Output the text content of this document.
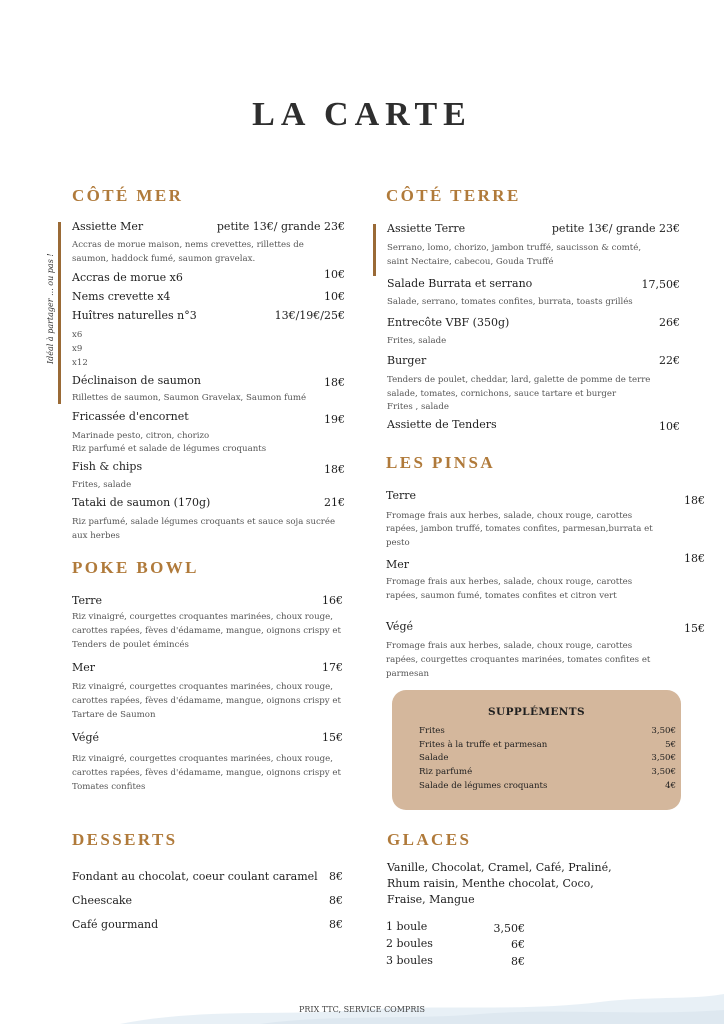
LA CARTE
CÔTÉ MER
Idéal à partager ... ou pas !
Assiette Mer	petite 13€/ grande 23€
Accras de morue maison, nems crevettes, rillettes de
saumon, haddock fumé, saumon gravelax.
Accras de morue x6	10€
Nems crevette x4	10€
Huîtres naturelles n°3	13€/19€/25€
x6
x9
x12
Déclinaison de saumon	18€
Rillettes de saumon, Saumon Gravelax, Saumon fumé
Fricassée d'encornet	19€
Marinade pesto, citron, chorizo
Riz parfumé et salade de légumes croquants
Fish & chips	18€
Frites, salade
Tataki de saumon (170g)	21€
Riz parfumé, salade légumes croquants et sauce soja sucrée
aux herbes
POKE BOWL
Terre	16€
Riz vinaigré, courgettes croquantes marinées, choux rouge,
carottes rapées, fèves d'édamame, mangue, oignons crispy et
Tenders de poulet émincés
Mer	17€
Riz vinaigré, courgettes croquantes marinées, choux rouge,
carottes rapées, fèves d'édamame, mangue, oignons crispy et
Tartare de Saumon
Végé	15€
Riz vinaigré, courgettes croquantes marinées, choux rouge,
carottes rapées, fèves d'édamame, mangue, oignons crispy et
Tomates confites
DESSERTS
Fondant au chocolat, coeur coulant caramel	8€
Cheescake	8€
Café gourmand	8€
CÔTÉ TERRE
Assiette Terre	petite 13€/ grande 23€
Serrano, lomo, chorizo, jambon truffé, saucisson & comté,
saint Nectaire, cabecou, Gouda Truffé
Salade Burrata et serrano	17,50€
Salade, serrano, tomates confites, burrata, toasts grillés
Entrecôte VBF (350g)	26€
Frites, salade
Burger	22€
Tenders de poulet, cheddar, lard, galette de pomme de terre
salade, tomates, cornichons, sauce tartare et burger
Frites , salade
Assiette de Tenders	10€
LES PINSA
Terre	18€
Fromage frais aux herbes, salade, choux rouge, carottes
rapées, jambon truffé, tomates confites, parmesan,burrata et
pesto
Mer	18€
Fromage frais aux herbes, salade, choux rouge, carottes
rapées, saumon fumé, tomates confites et citron vert
Végé	15€
Fromage frais aux herbes, salade, choux rouge, carottes
rapées, courgettes croquantes marinées, tomates confites et
parmesan
SUPPLÉMENTS
Frites	3,50€
Frites à la truffe et parmesan	5€
Salade	3,50€
Riz parfumé	3,50€
Salade de légumes croquants	4€
GLACES
Vanille, Chocolat, Cramel, Café, Praliné,
Rhum raisin, Menthe chocolat, Coco,
Fraise, Mangue
1 boule	3,50€
2 boules	6€
3 boules	8€
PRIX TTC, SERVICE COMPRIS
